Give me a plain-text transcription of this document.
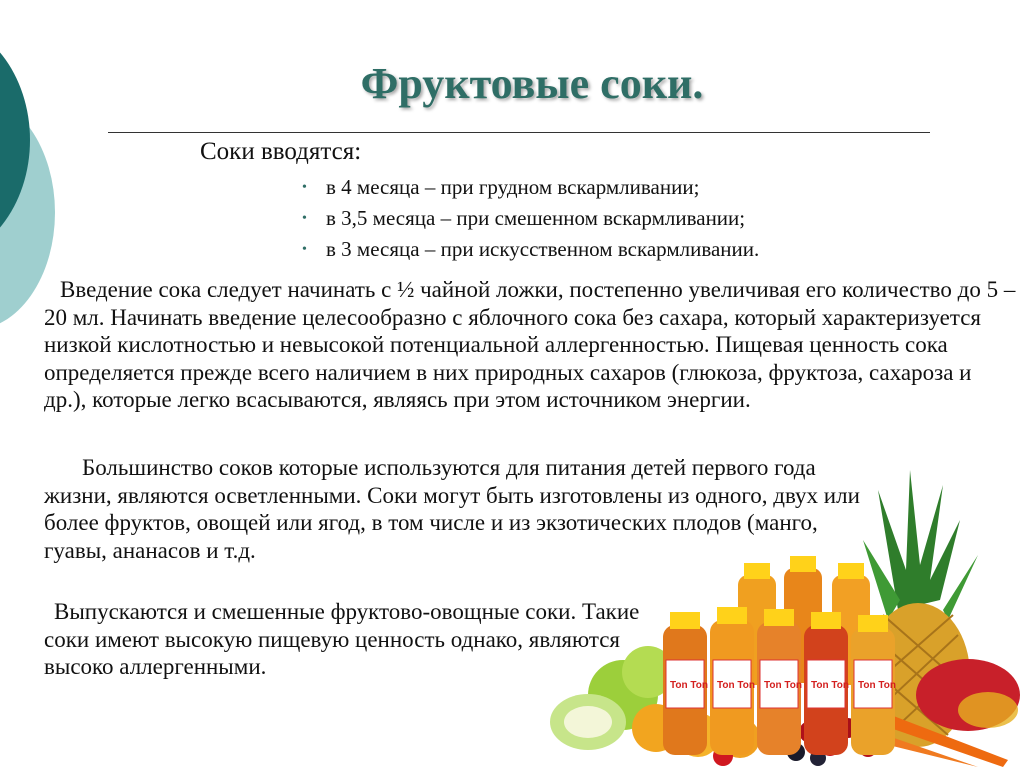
Фруктовые соки.
Соки вводятся:
• в 4 месяца – при грудном вскармливании;
• в 3,5 месяца – при смешенном вскармливании;
• в 3 месяца – при искусственном вскармливании.

Введение сока следует начинать с ½ чайной ложки, постепенно увеличивая его количество до 5 – 20 мл. Начинать введение целесообразно с яблочного сока без сахара, который характеризуется низкой кислотностью и невысокой потенциальной аллергенностью. Пищевая ценность сока определяется прежде всего наличием в них природных сахаров (глюкоза, фруктоза, сахароза и др.), которые легко всасываются, являясь при этом источником энергии.

Большинство соков которые используются для питания детей первого года жизни, являются осветленными. Соки могут быть изготовлены из одного, двух или более фруктов, овощей или ягод, в том числе и из экзотических плодов (манго, гуавы, ананасов и т.д.

Выпускаются и смешенные фруктово-овощные соки. Такие соки имеют высокую пищевую ценность однако, являются высоко аллергенными.

Ton Ton Ton Ton Ton Ton Ton Ton Ton Ton
